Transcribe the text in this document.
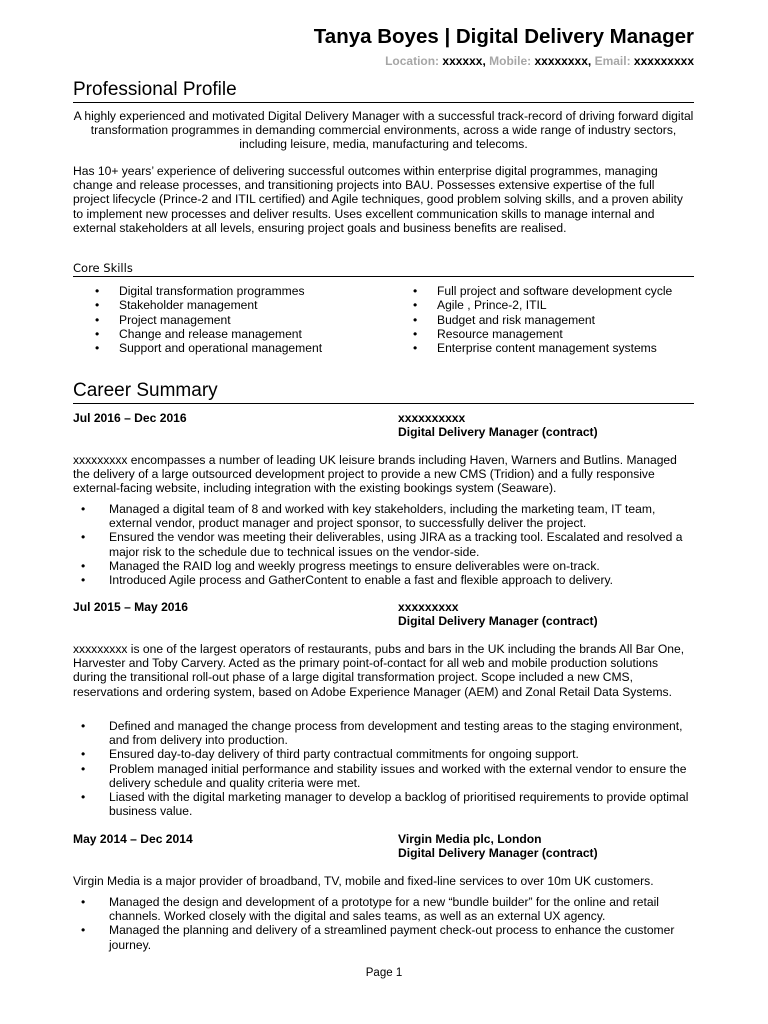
Tanya Boyes | Digital Delivery Manager
Location: xxxxxx, Mobile: xxxxxxxx, Email: xxxxxxxxx
Professional Profile

A highly experienced and motivated Digital Delivery Manager with a successful track-record of driving forward digital transformation programmes in demanding commercial environments, across a wide range of industry sectors, including leisure, media, manufacturing and telecoms.

Has 10+ years’ experience of delivering successful outcomes within enterprise digital programmes, managing change and release processes, and transitioning projects into BAU. Possesses extensive expertise of the full project lifecycle (Prince-2 and ITIL certified) and Agile techniques, good problem solving skills, and a proven ability to implement new processes and deliver results. Uses excellent communication skills to manage internal and external stakeholders at all levels, ensuring project goals and business benefits are realised.

Core Skills
• Digital transformation programmes
• Stakeholder management
• Project management
• Change and release management
• Support and operational management
• Full project and software development cycle
• Agile , Prince-2, ITIL
• Budget and risk management
• Resource management
• Enterprise content management systems
Career Summary
Jul 2016 – Dec 2016	xxxxxxxxxx
Digital Delivery Manager (contract)

xxxxxxxxx encompasses a number of leading UK leisure brands including Haven, Warners and Butlins. Managed the delivery of a large outsourced development project to provide a new CMS (Tridion) and a fully responsive external-facing website, including integration with the existing bookings system (Seaware).

• Managed a digital team of 8 and worked with key stakeholders, including the marketing team, IT team, external vendor, product manager and project sponsor, to successfully deliver the project.
• Ensured the vendor was meeting their deliverables, using JIRA as a tracking tool. Escalated and resolved a major risk to the schedule due to technical issues on the vendor-side.
• Managed the RAID log and weekly progress meetings to ensure deliverables were on-track.
• Introduced Agile process and GatherContent to enable a fast and flexible approach to delivery.
Jul 2015 – May 2016	xxxxxxxxx
Digital Delivery Manager (contract)

xxxxxxxxx is one of the largest operators of restaurants, pubs and bars in the UK including the brands All Bar One, Harvester and Toby Carvery. Acted as the primary point-of-contact for all web and mobile production solutions during the transitional roll-out phase of a large digital transformation project. Scope included a new CMS, reservations and ordering system, based on Adobe Experience Manager (AEM) and Zonal Retail Data Systems.

• Defined and managed the change process from development and testing areas to the staging environment, and from delivery into production.
• Ensured day-to-day delivery of third party contractual commitments for ongoing support.
• Problem managed initial performance and stability issues and worked with the external vendor to ensure the delivery schedule and quality criteria were met.
• Liased with the digital marketing manager to develop a backlog of prioritised requirements to provide optimal business value.
May 2014 – Dec 2014	Virgin Media plc, London
Digital Delivery Manager (contract)

Virgin Media is a major provider of broadband, TV, mobile and fixed-line services to over 10m UK customers.

• Managed the design and development of a prototype for a new “bundle builder” for the online and retail channels. Worked closely with the digital and sales teams, as well as an external UX agency.
• Managed the planning and delivery of a streamlined payment check-out process to enhance the customer journey.
Page 1
